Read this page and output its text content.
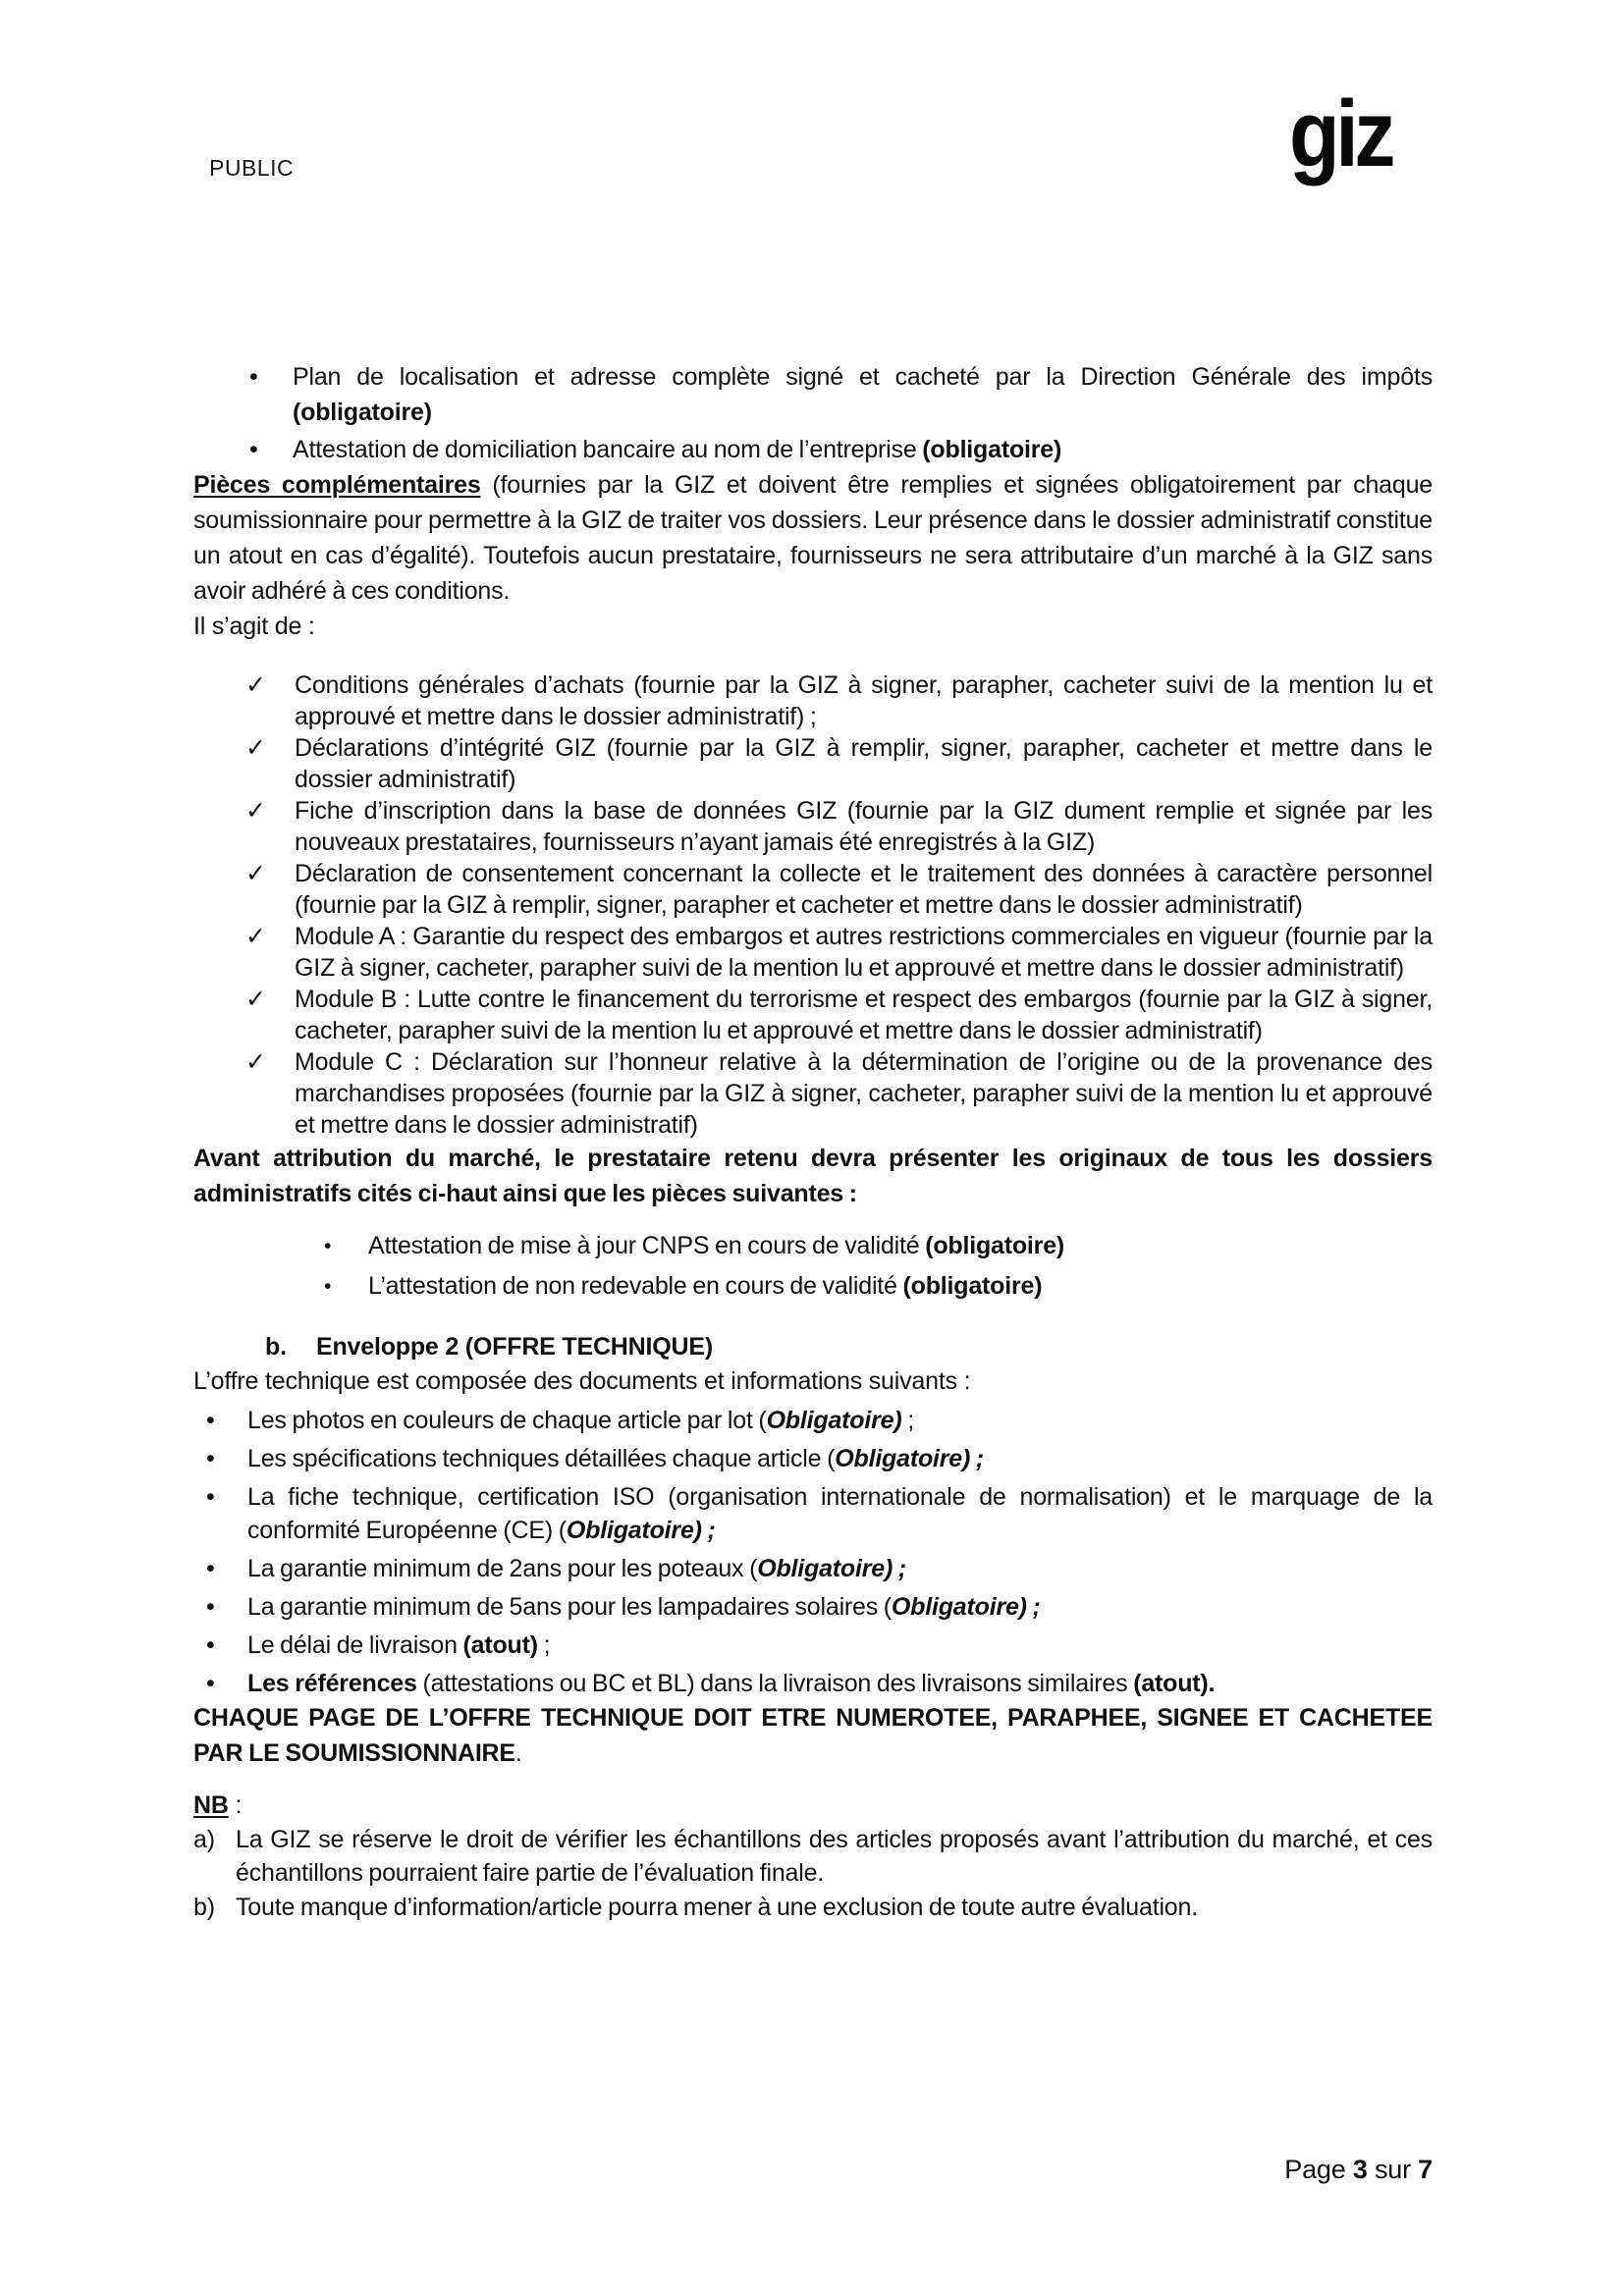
PUBLIC	giz
• Plan de localisation et adresse complète signé et cacheté par la Direction Générale des impôts (obligatoire)
• Attestation de domiciliation bancaire au nom de l’entreprise (obligatoire)

Pièces complémentaires (fournies par la GIZ et doivent être remplies et signées obligatoirement par chaque soumissionnaire pour permettre à la GIZ de traiter vos dossiers. Leur présence dans le dossier administratif constitue un atout en cas d’égalité). Toutefois aucun prestataire, fournisseurs ne sera attributaire d’un marché à la GIZ sans avoir adhéré à ces conditions.

Il s’agit de :

✓ Conditions générales d’achats (fournie par la GIZ à signer, parapher, cacheter suivi de la mention lu et approuvé et mettre dans le dossier administratif) ;
✓ Déclarations d’intégrité GIZ (fournie par la GIZ à remplir, signer, parapher, cacheter et mettre dans le dossier administratif)
✓ Fiche d’inscription dans la base de données GIZ (fournie par la GIZ dument remplie et signée par les nouveaux prestataires, fournisseurs n’ayant jamais été enregistrés à la GIZ)
✓ Déclaration de consentement concernant la collecte et le traitement des données à caractère personnel (fournie par la GIZ à remplir, signer, parapher et cacheter et mettre dans le dossier administratif)
✓ Module A : Garantie du respect des embargos et autres restrictions commerciales en vigueur (fournie par la GIZ à signer, cacheter, parapher suivi de la mention lu et approuvé et mettre dans le dossier administratif)
✓ Module B : Lutte contre le financement du terrorisme et respect des embargos (fournie par la GIZ à signer, cacheter, parapher suivi de la mention lu et approuvé et mettre dans le dossier administratif)
✓ Module C : Déclaration sur l’honneur relative à la détermination de l’origine ou de la provenance des marchandises proposées (fournie par la GIZ à signer, cacheter, parapher suivi de la mention lu et approuvé et mettre dans le dossier administratif)

Avant attribution du marché, le prestataire retenu devra présenter les originaux de tous les dossiers administratifs cités ci-haut ainsi que les pièces suivantes :

• Attestation de mise à jour CNPS en cours de validité (obligatoire)
• L’attestation de non redevable en cours de validité (obligatoire)
b. Enveloppe 2 (OFFRE TECHNIQUE)

L’offre technique est composée des documents et informations suivants :

• Les photos en couleurs de chaque article par lot (Obligatoire) ;
• Les spécifications techniques détaillées chaque article (Obligatoire) ;
• La fiche technique, certification ISO (organisation internationale de normalisation) et le marquage de la conformité Européenne (CE) (Obligatoire) ;
• La garantie minimum de 2ans pour les poteaux (Obligatoire) ;
• La garantie minimum de 5ans pour les lampadaires solaires (Obligatoire) ;
• Le délai de livraison (atout) ;
• Les références (attestations ou BC et BL) dans la livraison des livraisons similaires (atout).

CHAQUE PAGE DE L’OFFRE TECHNIQUE DOIT ETRE NUMEROTEE, PARAPHEE, SIGNEE ET CACHETEE PAR LE SOUMISSIONNAIRE.

NB :

a) La GIZ se réserve le droit de vérifier les échantillons des articles proposés avant l’attribution du marché, et ces échantillons pourraient faire partie de l’évaluation finale.
b) Toute manque d’information/article pourra mener à une exclusion de toute autre évaluation.
Page 3 sur 7
